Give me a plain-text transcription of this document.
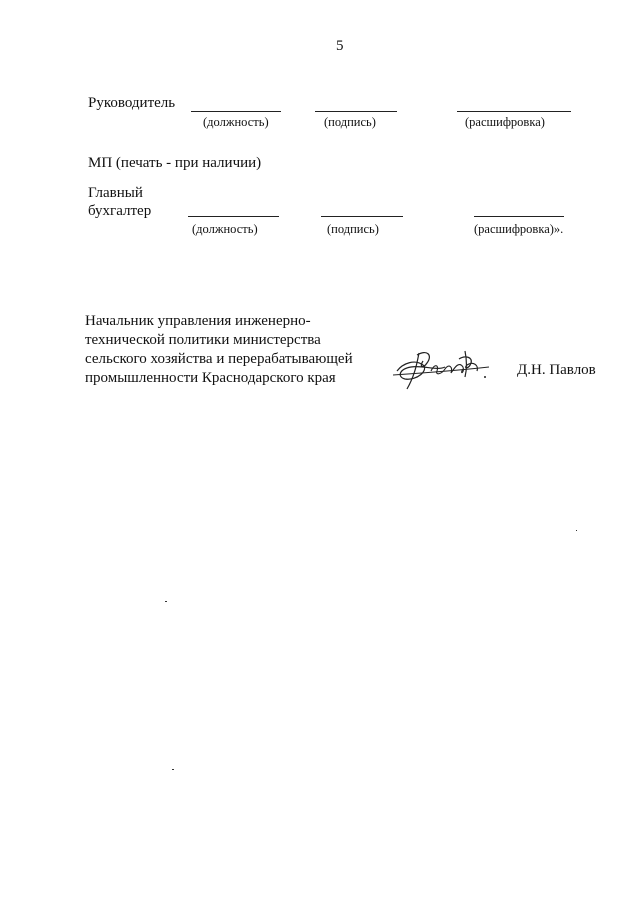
5
Руководитель
(должность)	(подпись)	(расшифровка)
МП (печать - при наличии)
Главный
бухгалтер
(должность)	(подпись)	(расшифровка)».
Начальник управления инженерно-
технической политики министерства
сельского хозяйства и перерабатывающей
промышленности Краснодарского края	Д.Н. Павлов
